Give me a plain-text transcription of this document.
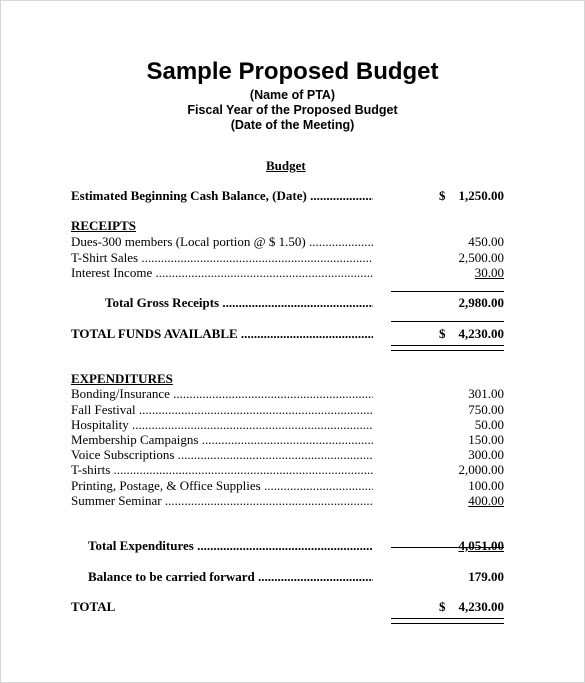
Sample Proposed Budget
(Name of PTA)
Fiscal Year of the Proposed Budget
(Date of the Meeting)
Budget
Estimated Beginning Cash Balance, (Date) .....	$ 1,250.00
RECEIPTS
Dues-300 members (Local portion @ $ 1.50) .....	450.00
T-Shirt Sales .....	2,500.00
Interest Income .....	30.00
Total Gross Receipts .....	2,980.00
TOTAL FUNDS AVAILABLE .....	$ 4,230.00
EXPENDITURES
Bonding/Insurance .....	301.00
Fall Festival .....	750.00
Hospitality .....	50.00
Membership Campaigns .....	150.00
Voice Subscriptions .....	300.00
T-shirts .....	2,000.00
Printing, Postage, & Office Supplies .....	100.00
Summer Seminar .....	400.00
Total Expenditures .....	4,051.00
Balance to be carried forward .....	179.00
TOTAL	$ 4,230.00
